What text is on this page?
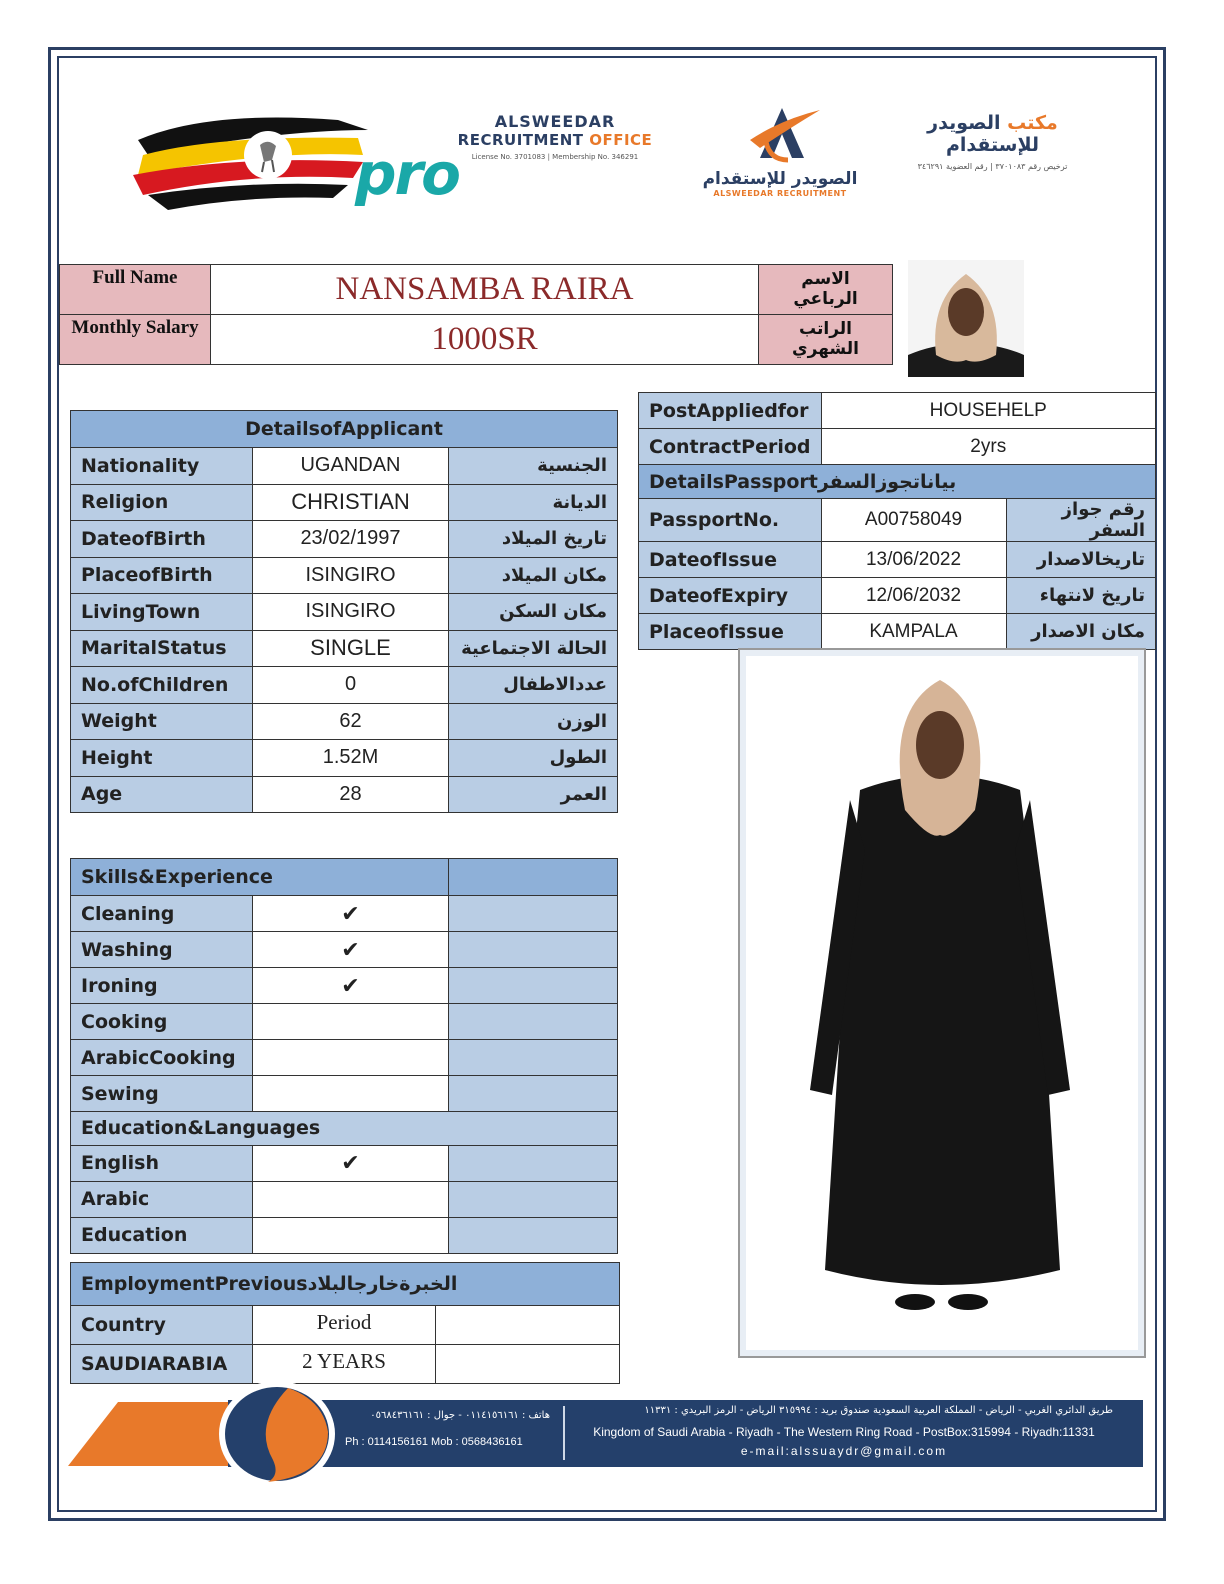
pro
ALSWEEDAR
RECRUITMENT OFFICE
License No. 3701083 | Membership No. 346291
الصويدر للإستقدام
ALSWEEDAR RECRUITMENT
مكتب الصويدر للإستقدام
ترخيص رقم ٣٧٠١٠٨٣ | رقم العضوية ٣٤٦٢٩١
Full Name	NANSAMBA RAIRA	الاسم الرباعي
Monthly Salary	1000SR	الراتب الشهري
DetailsofApplicant		
Nationality	UGANDAN	الجنسية
Religion	CHRISTIAN	الديانة
DateofBirth	23/02/1997	تاريخ الميلاد
PlaceofBirth	ISINGIRO	مكان الميلاد
LivingTown	ISINGIRO	مكان السكن
MaritalStatus	SINGLE	الحالة الاجتماعية
No.ofChildren	0	عددالاطفال
Weight	62	الوزن
Height	1.52M	الطول
Age	28	العمر
PostAppliedfor	HOUSEHELP	
ContractPeriod	2yrs	
DetailsPassportبياناتجوزالسفر		
PassportNo.	A00758049	رقم جواز السفر
DateofIssue	13/06/2022	تاريخالاصدار
DateofExpiry	12/06/2032	تاريخ لانتهاء
PlaceofIssue	KAMPALA	مكان الاصدار
Skills&Experience		
Cleaning	✔	
Washing	✔	
Ironing	✔	
Cooking		
ArabicCooking		
Sewing		
Education&Languages		
English	✔	
Arabic		
Education		
EmploymentPreviousالخبرةخارجالبلاد		
Country	Period	
SAUDIARABIA	2 YEARS	
هاتف : ٠١١٤١٥٦١٦١ - جوال : ٠٥٦٨٤٣٦١٦١
Ph : 0114156161 Mob : 0568436161
طريق الدائري الغربي - الرياض - المملكة العربية السعودية صندوق بريد : ٣١٥٩٩٤ الرياض - الرمز البريدي : ١١٣٣١
Kingdom of Saudi Arabia - Riyadh - The Western Ring Road - PostBox:315994 - Riyadh:11331
e-mail:alssuaydr@gmail.com
